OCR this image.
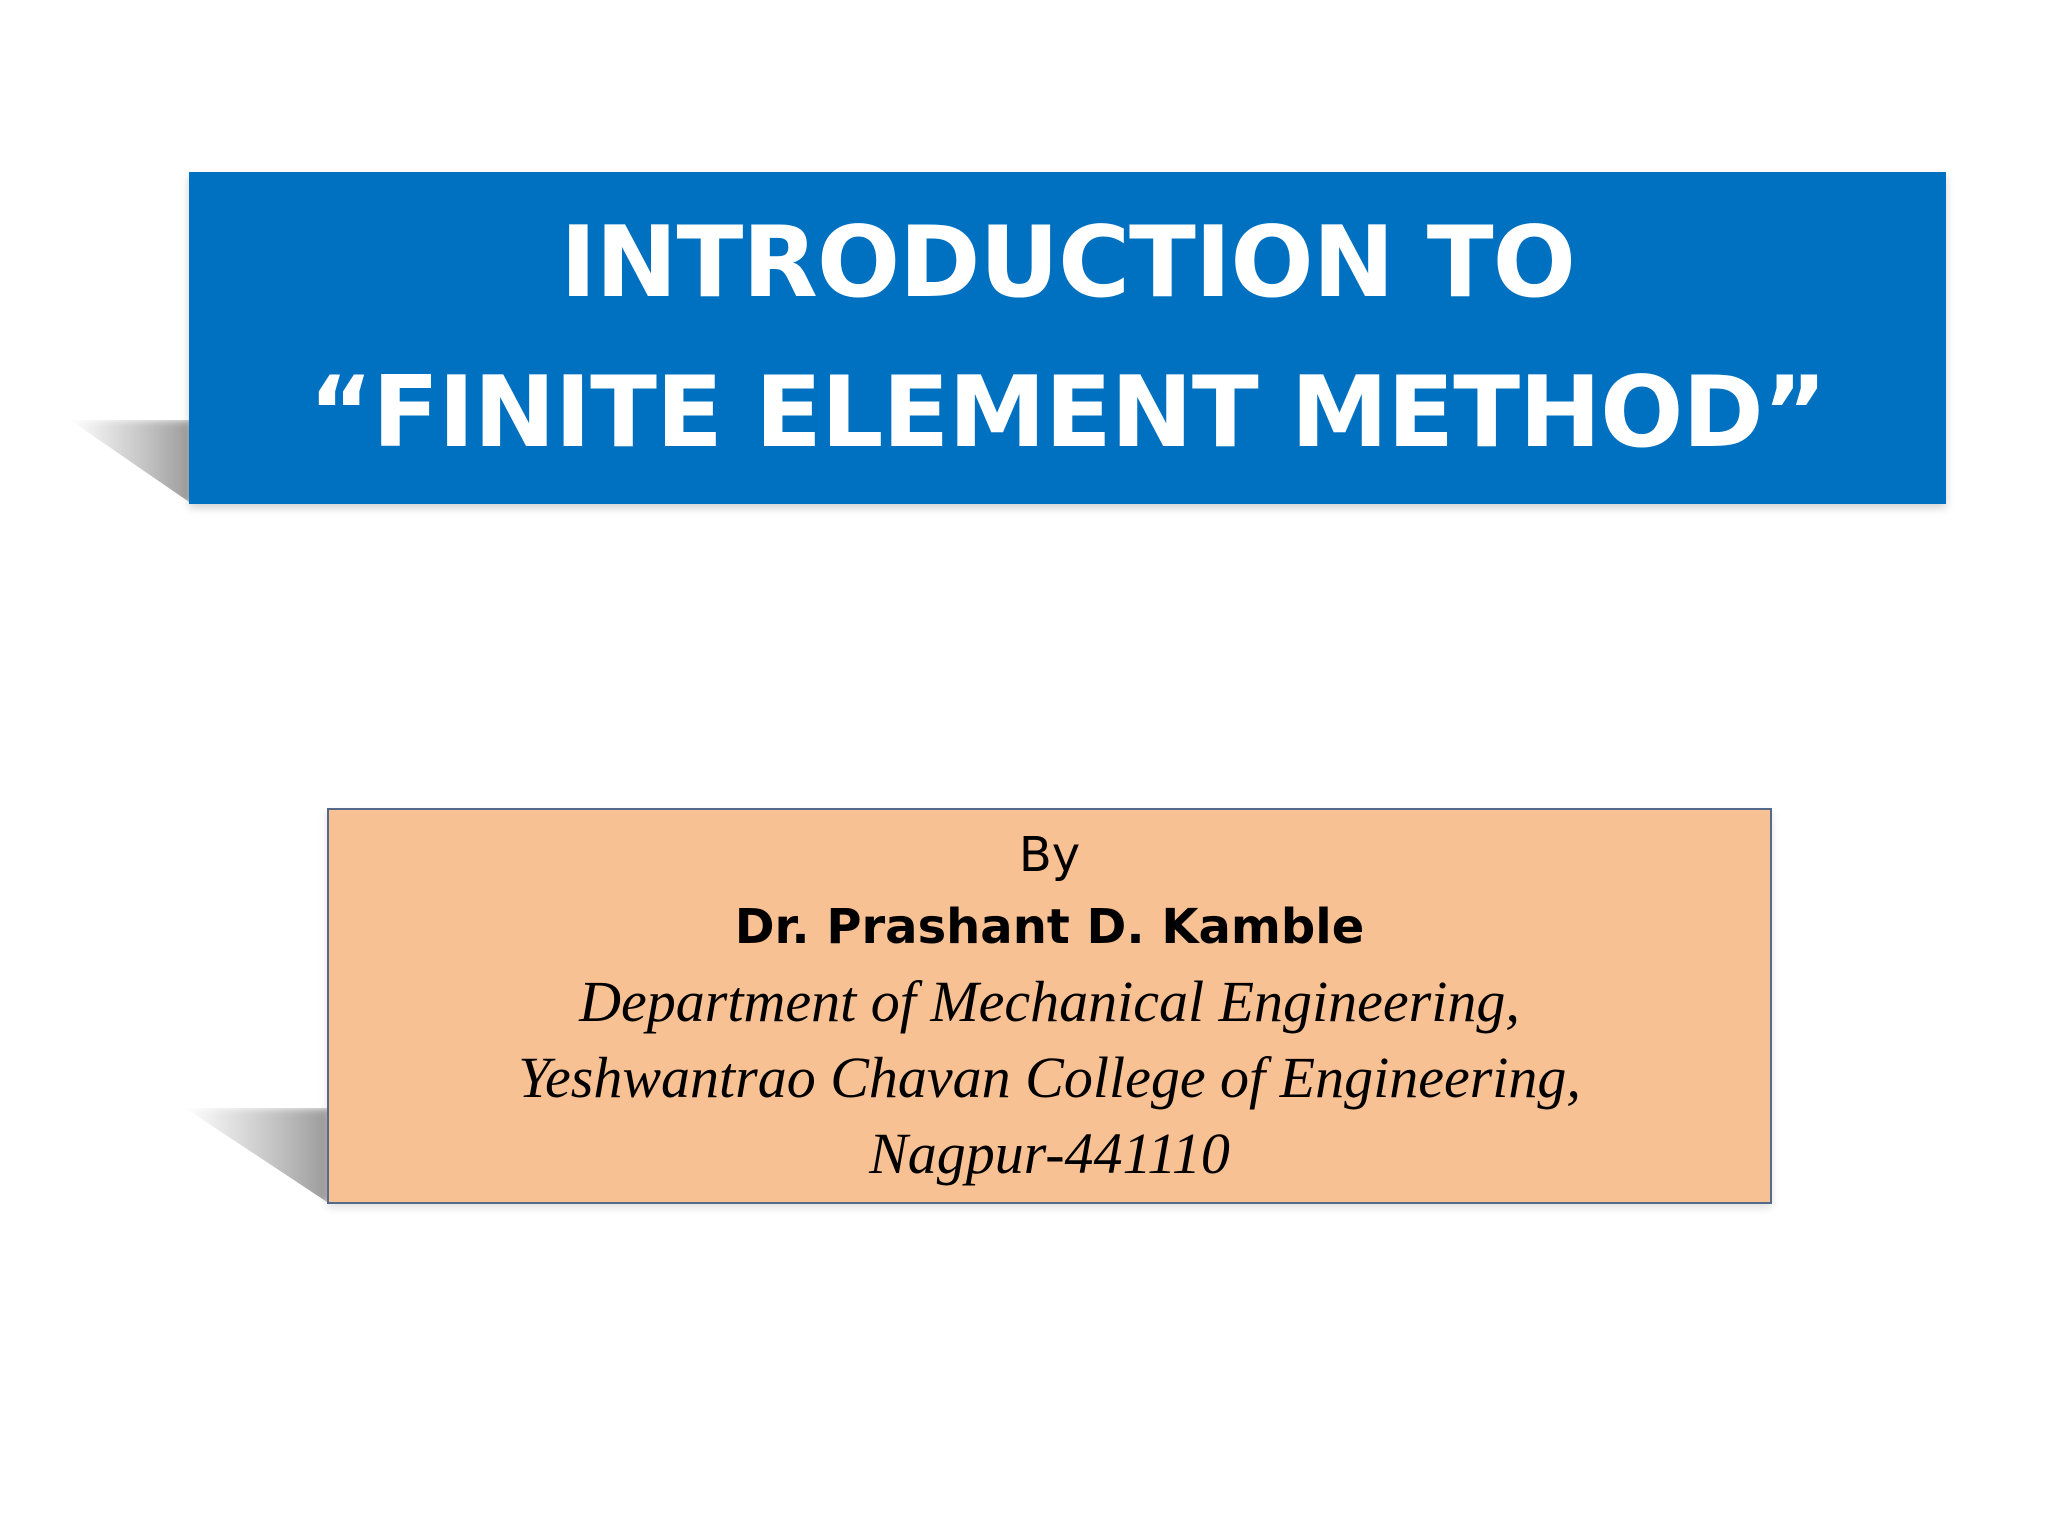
INTRODUCTION TO
“FINITE ELEMENT METHOD”
By
Dr. Prashant D. Kamble
Department of Mechanical Engineering,
Yeshwantrao Chavan College of Engineering,
Nagpur-441110
